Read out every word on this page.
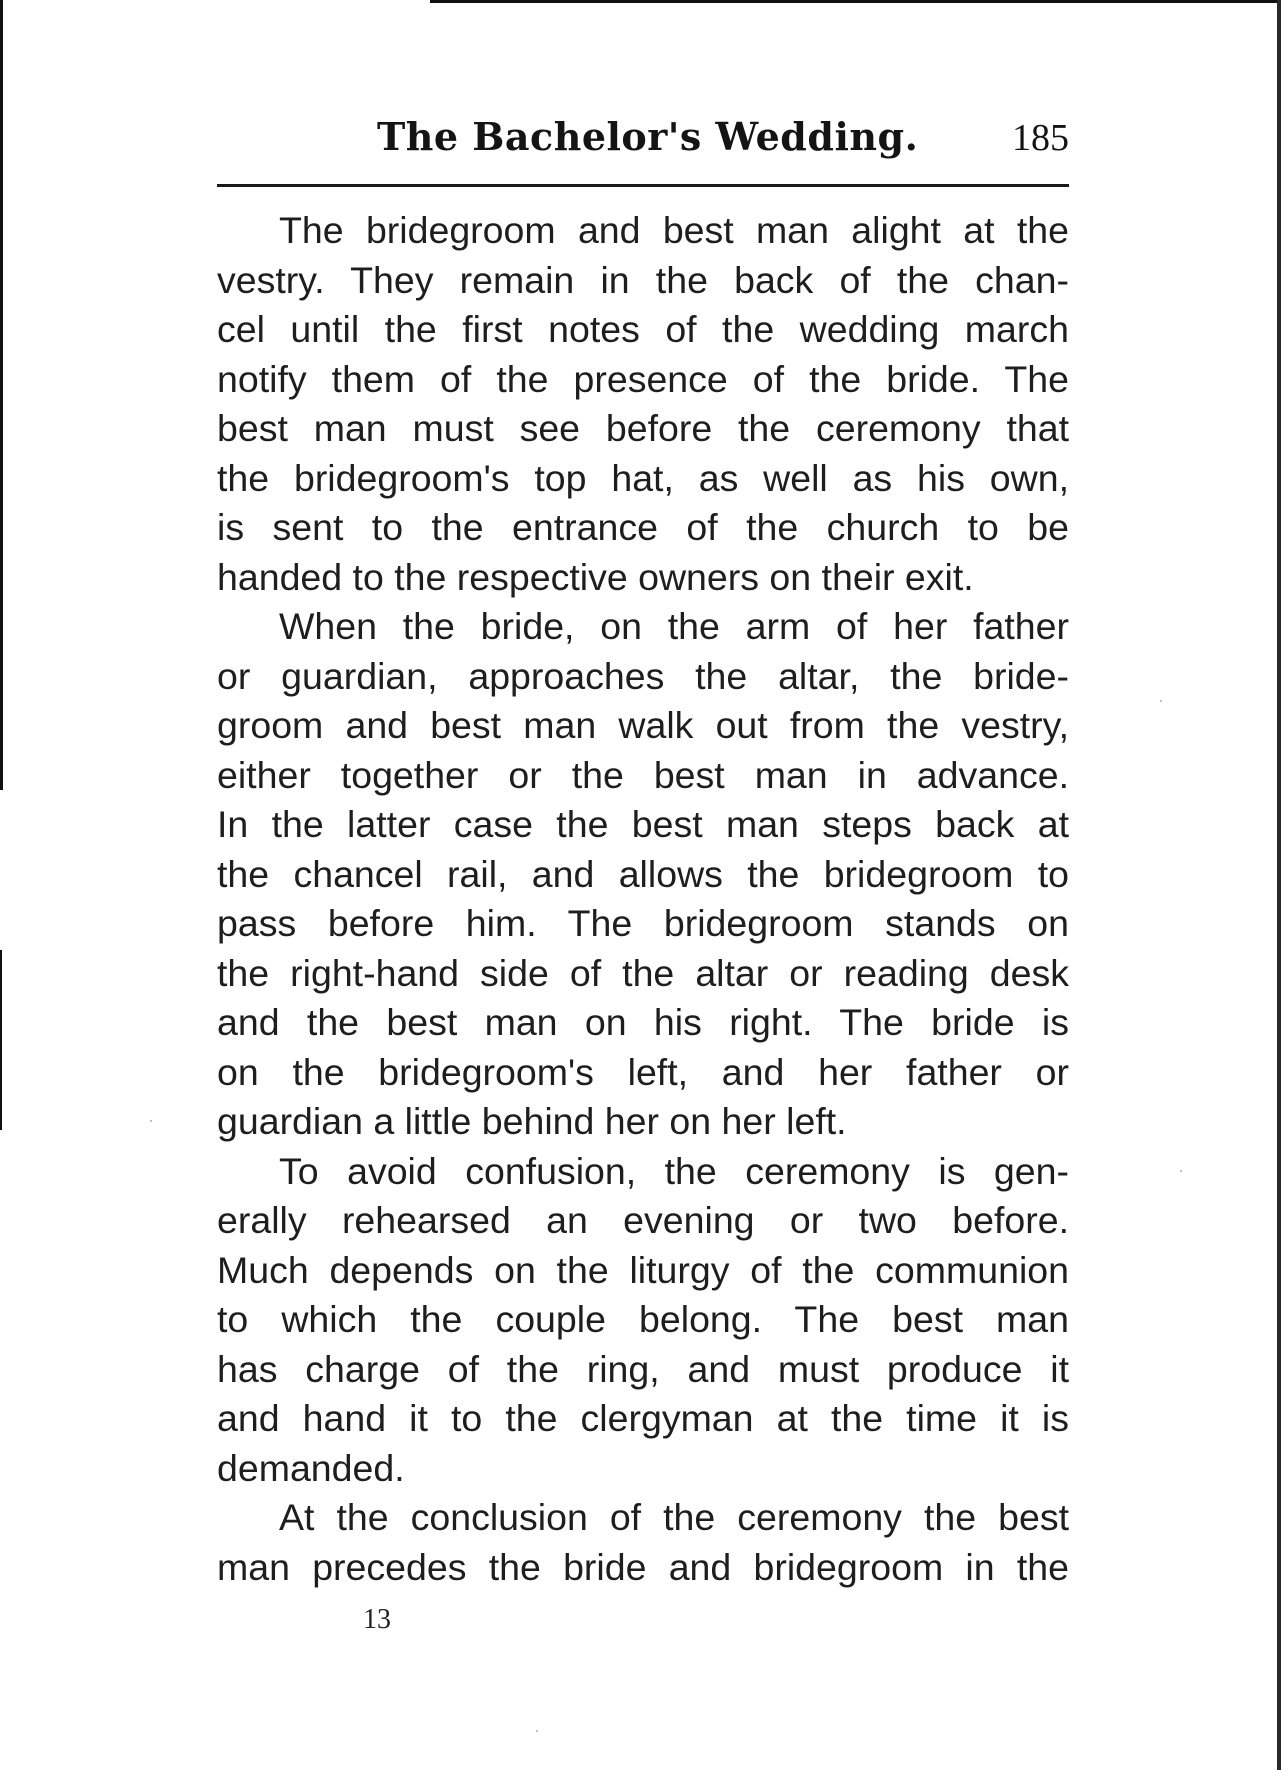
The Bachelor's Wedding. 185
The bridegroom and best man alight at the
vestry. They remain in the back of the chan-
cel until the first notes of the wedding march
notify them of the presence of the bride. The
best man must see before the ceremony that
the bridegroom's top hat, as well as his own,
is sent to the entrance of the church to be
handed to the respective owners on their exit.
When the bride, on the arm of her father
or guardian, approaches the altar, the bride-
groom and best man walk out from the vestry,
either together or the best man in advance.
In the latter case the best man steps back at
the chancel rail, and allows the bridegroom to
pass before him. The bridegroom stands on
the right-hand side of the altar or reading desk
and the best man on his right. The bride is
on the bridegroom's left, and her father or
guardian a little behind her on her left.
To avoid confusion, the ceremony is gen-
erally rehearsed an evening or two before.
Much depends on the liturgy of the communion
to which the couple belong. The best man
has charge of the ring, and must produce it
and hand it to the clergyman at the time it is
demanded.
At the conclusion of the ceremony the best
man precedes the bride and bridegroom in the
13
